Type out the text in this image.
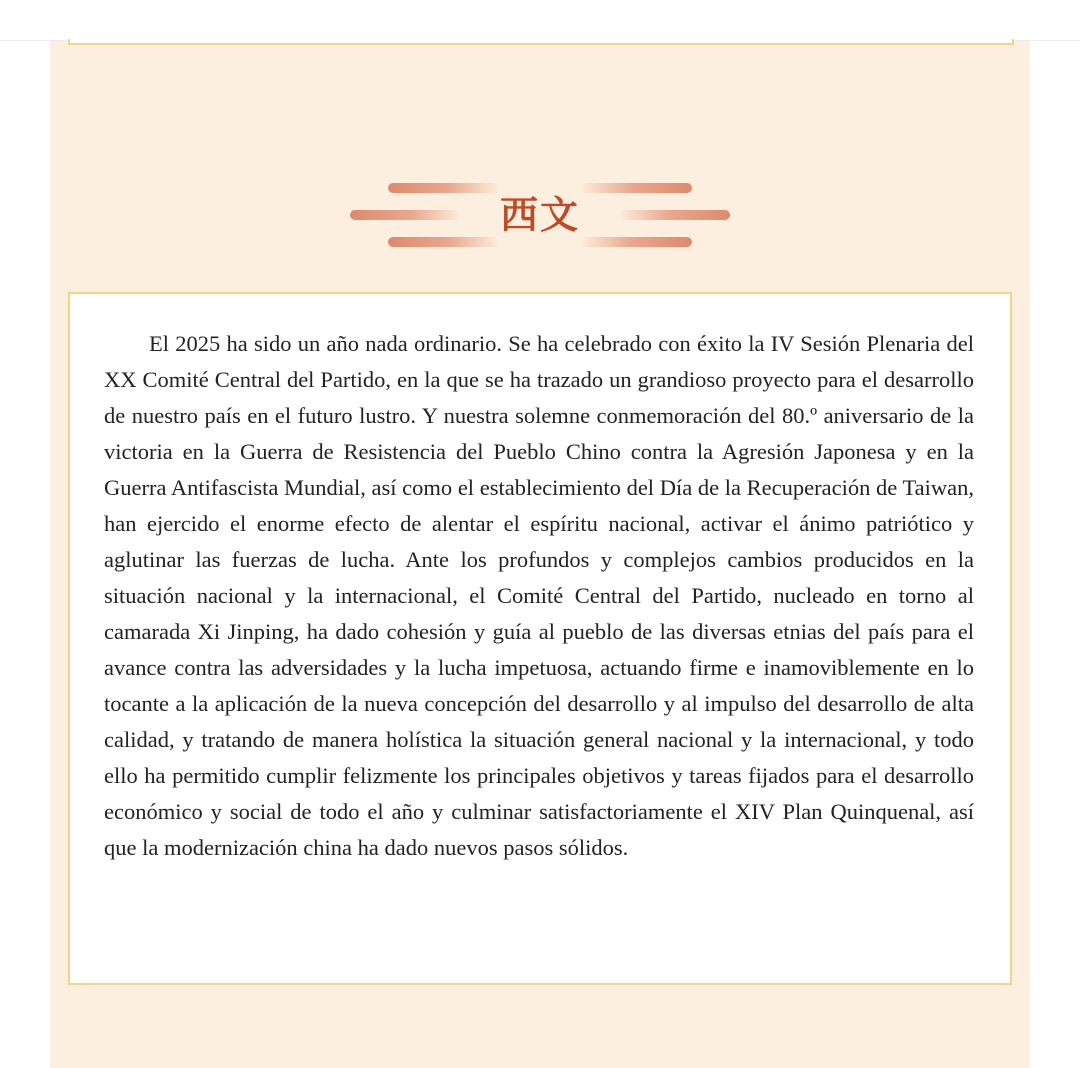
西文

El 2025 ha sido un año nada ordinario. Se ha celebrado con éxito la IV Sesión Plenaria del XX Comité Central del Partido, en la que se ha trazado un grandioso proyecto para el desarrollo de nuestro país en el futuro lustro. Y nuestra solemne conmemoración del 80.º aniversario de la victoria en la Guerra de Resistencia del Pueblo Chino contra la Agresión Japonesa y en la Guerra Antifascista Mundial, así como el establecimiento del Día de la Recuperación de Taiwan, han ejercido el enorme efecto de alentar el espíritu nacional, activar el ánimo patriótico y aglutinar las fuerzas de lucha. Ante los profundos y complejos cambios producidos en la situación nacional y la internacional, el Comité Central del Partido, nucleado en torno al camarada Xi Jinping, ha dado cohesión y guía al pueblo de las diversas etnias del país para el avance contra las adversidades y la lucha impetuosa, actuando firme e inamoviblemente en lo tocante a la aplicación de la nueva concepción del desarrollo y al impulso del desarrollo de alta calidad, y tratando de manera holística la situación general nacional y la internacional, y todo ello ha permitido cumplir felizmente los principales objetivos y tareas fijados para el desarrollo económico y social de todo el año y culminar satisfactoriamente el XIV Plan Quinquenal, así que la modernización china ha dado nuevos pasos sólidos.
